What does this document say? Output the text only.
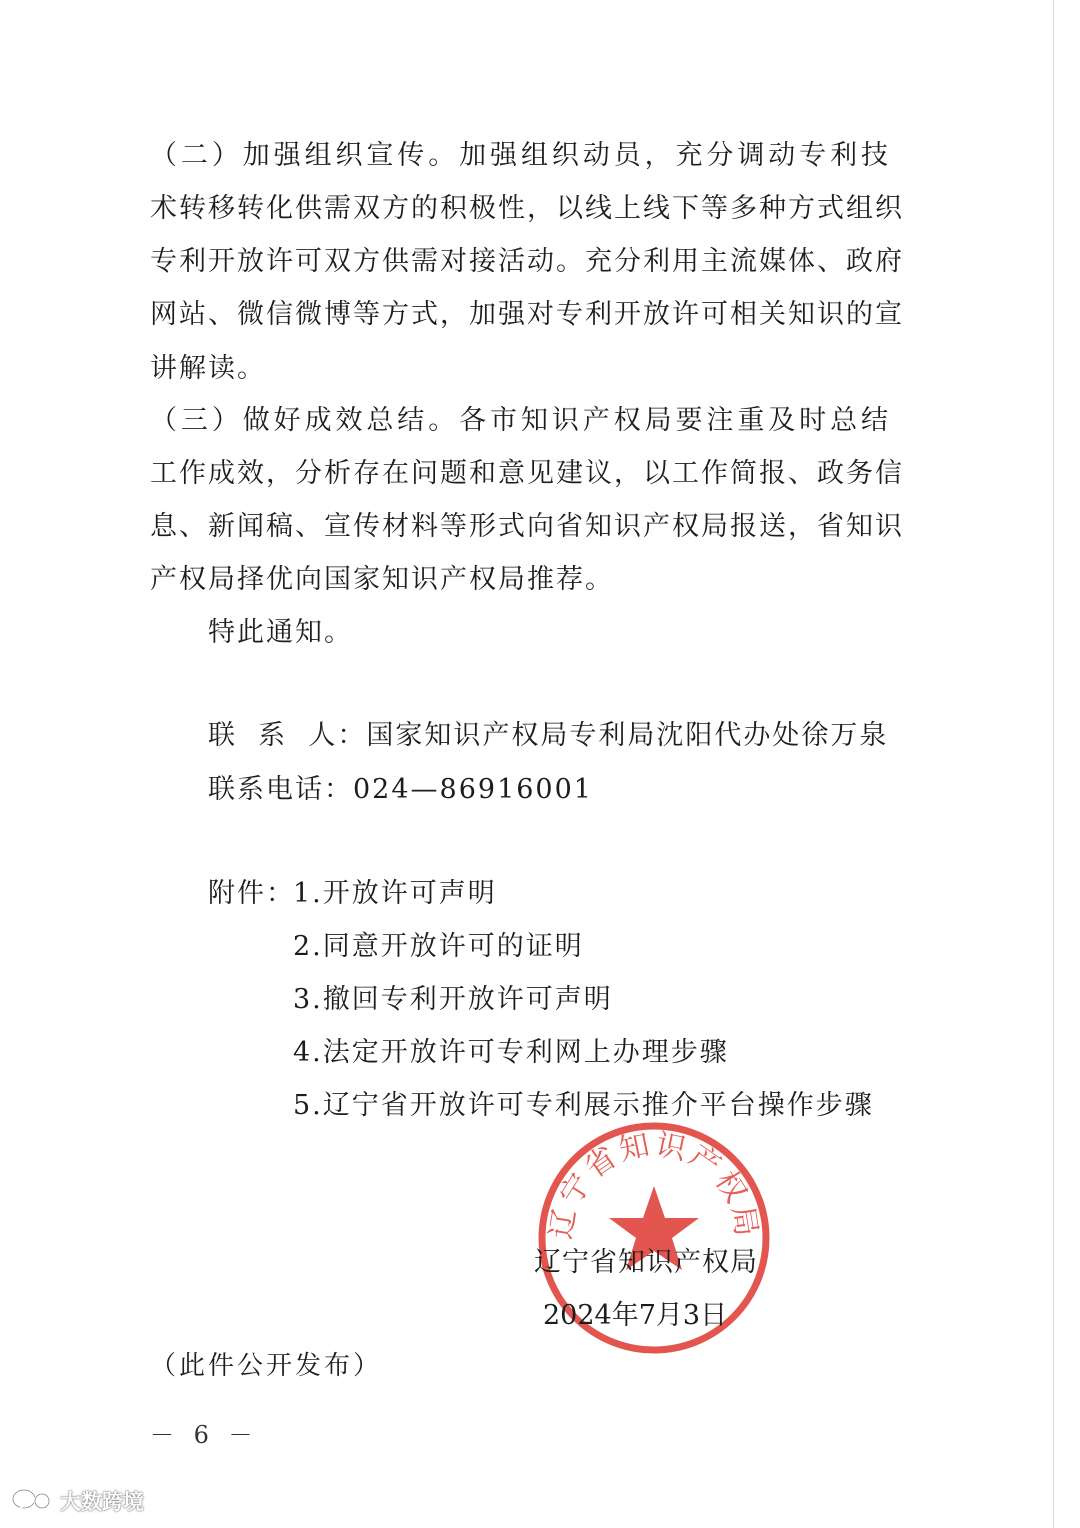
（二）加强组织宣传。加强组织动员，充分调动专利技
术转移转化供需双方的积极性，以线上线下等多种方式组织
专利开放许可双方供需对接活动。充分利用主流媒体、政府
网站、微信微博等方式，加强对专利开放许可相关知识的宣
讲解读。
（三）做好成效总结。各市知识产权局要注重及时总结
工作成效，分析存在问题和意见建议，以工作简报、政务信
息、新闻稿、宣传材料等形式向省知识产权局报送，省知识
产权局择优向国家知识产权局推荐。
特此通知。
联  系  人：国家知识产权局专利局沈阳代办处徐万泉
联系电话：024—86916001
附件：
1.开放许可声明
2.同意开放许可的证明
3.撤回专利开放许可声明
4.法定开放许可专利网上办理步骤
5.辽宁省开放许可专利展示推介平台操作步骤
辽宁省知识产权局
辽宁省知识产权局
2024年7月3日
（此件公开发布）
－ 6 －
大数跨境
